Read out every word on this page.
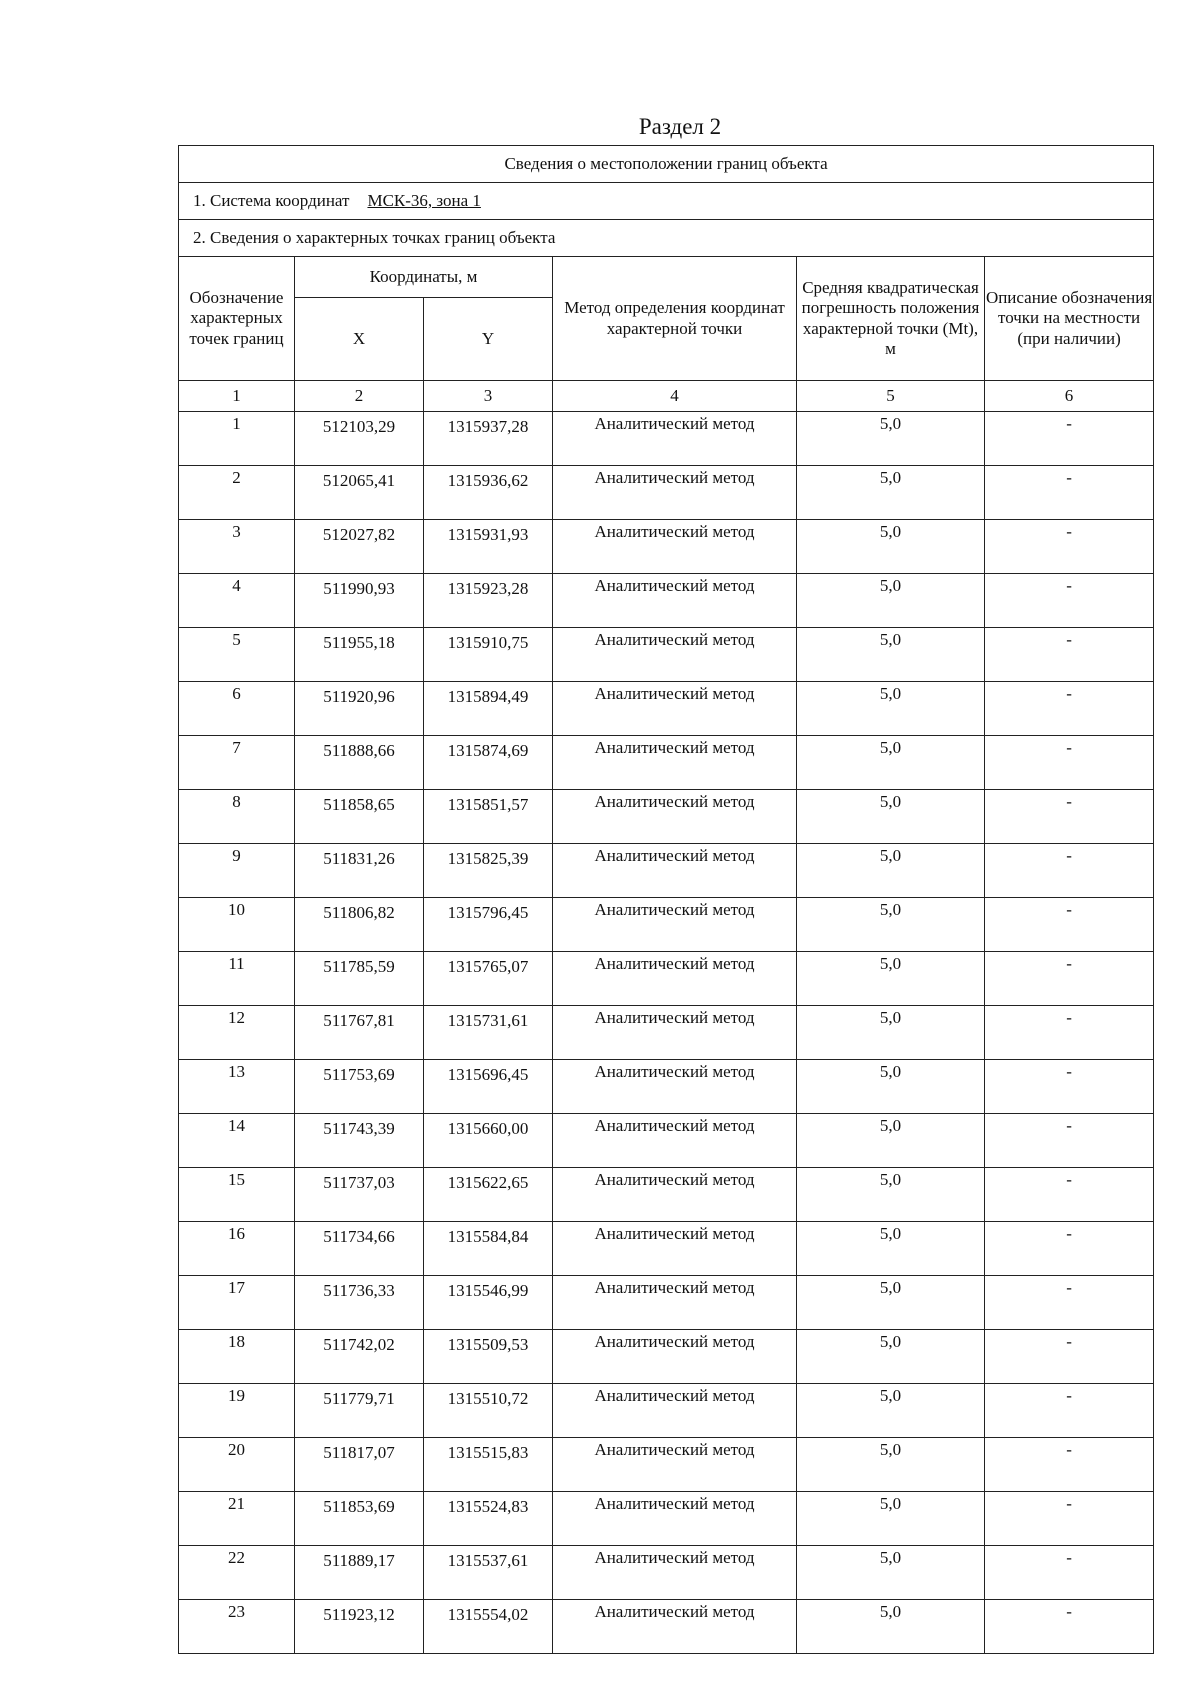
Раздел 2
Сведения о местоположении границ объекта					
1. Система координат МСК-36, зона 1					
2. Сведения о характерных точках границ объекта					
Обозначение характерных точек границ	Координаты, м		Метод определения координат характерной точки	Средняя квадратическая погрешность положения характерной точки (Mt), м	Описание обозначения точки на местности (при наличии)
	X	Y			
1	2	3	4	5	6
1	512103,29	1315937,28	Аналитический метод	5,0	-
2	512065,41	1315936,62	Аналитический метод	5,0	-
3	512027,82	1315931,93	Аналитический метод	5,0	-
4	511990,93	1315923,28	Аналитический метод	5,0	-
5	511955,18	1315910,75	Аналитический метод	5,0	-
6	511920,96	1315894,49	Аналитический метод	5,0	-
7	511888,66	1315874,69	Аналитический метод	5,0	-
8	511858,65	1315851,57	Аналитический метод	5,0	-
9	511831,26	1315825,39	Аналитический метод	5,0	-
10	511806,82	1315796,45	Аналитический метод	5,0	-
11	511785,59	1315765,07	Аналитический метод	5,0	-
12	511767,81	1315731,61	Аналитический метод	5,0	-
13	511753,69	1315696,45	Аналитический метод	5,0	-
14	511743,39	1315660,00	Аналитический метод	5,0	-
15	511737,03	1315622,65	Аналитический метод	5,0	-
16	511734,66	1315584,84	Аналитический метод	5,0	-
17	511736,33	1315546,99	Аналитический метод	5,0	-
18	511742,02	1315509,53	Аналитический метод	5,0	-
19	511779,71	1315510,72	Аналитический метод	5,0	-
20	511817,07	1315515,83	Аналитический метод	5,0	-
21	511853,69	1315524,83	Аналитический метод	5,0	-
22	511889,17	1315537,61	Аналитический метод	5,0	-
23	511923,12	1315554,02	Аналитический метод	5,0	-
